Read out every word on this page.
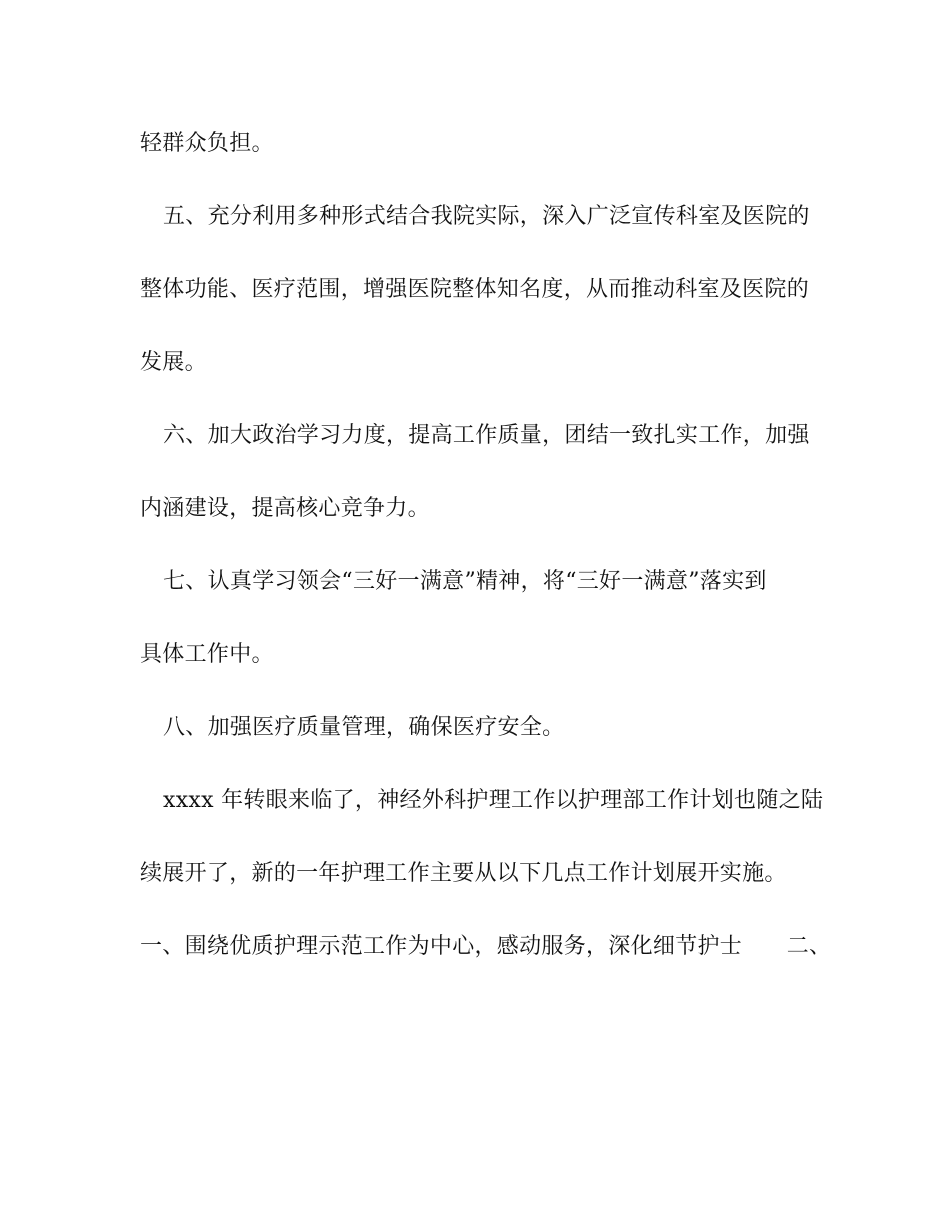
轻群众负担。
五、充分利用多种形式结合我院实际，深入广泛宣传科室及医院的
整体功能、医疗范围，增强医院整体知名度，从而推动科室及医院的
发展。
六、加大政治学习力度，提高工作质量，团结一致扎实工作，加强
内涵建设，提高核心竞争力。
七、认真学习领会“三好一满意”精神，将“三好一满意”落实到
具体工作中。
八、加强医疗质量管理，确保医疗安全。
xxxx 年转眼来临了，神经外科护理工作以护理部工作计划也随之陆
续展开了，新的一年护理工作主要从以下几点工作计划展开实施。
一、围绕优质护理示范工作为中心，感动服务，深化细节护士　　二、
